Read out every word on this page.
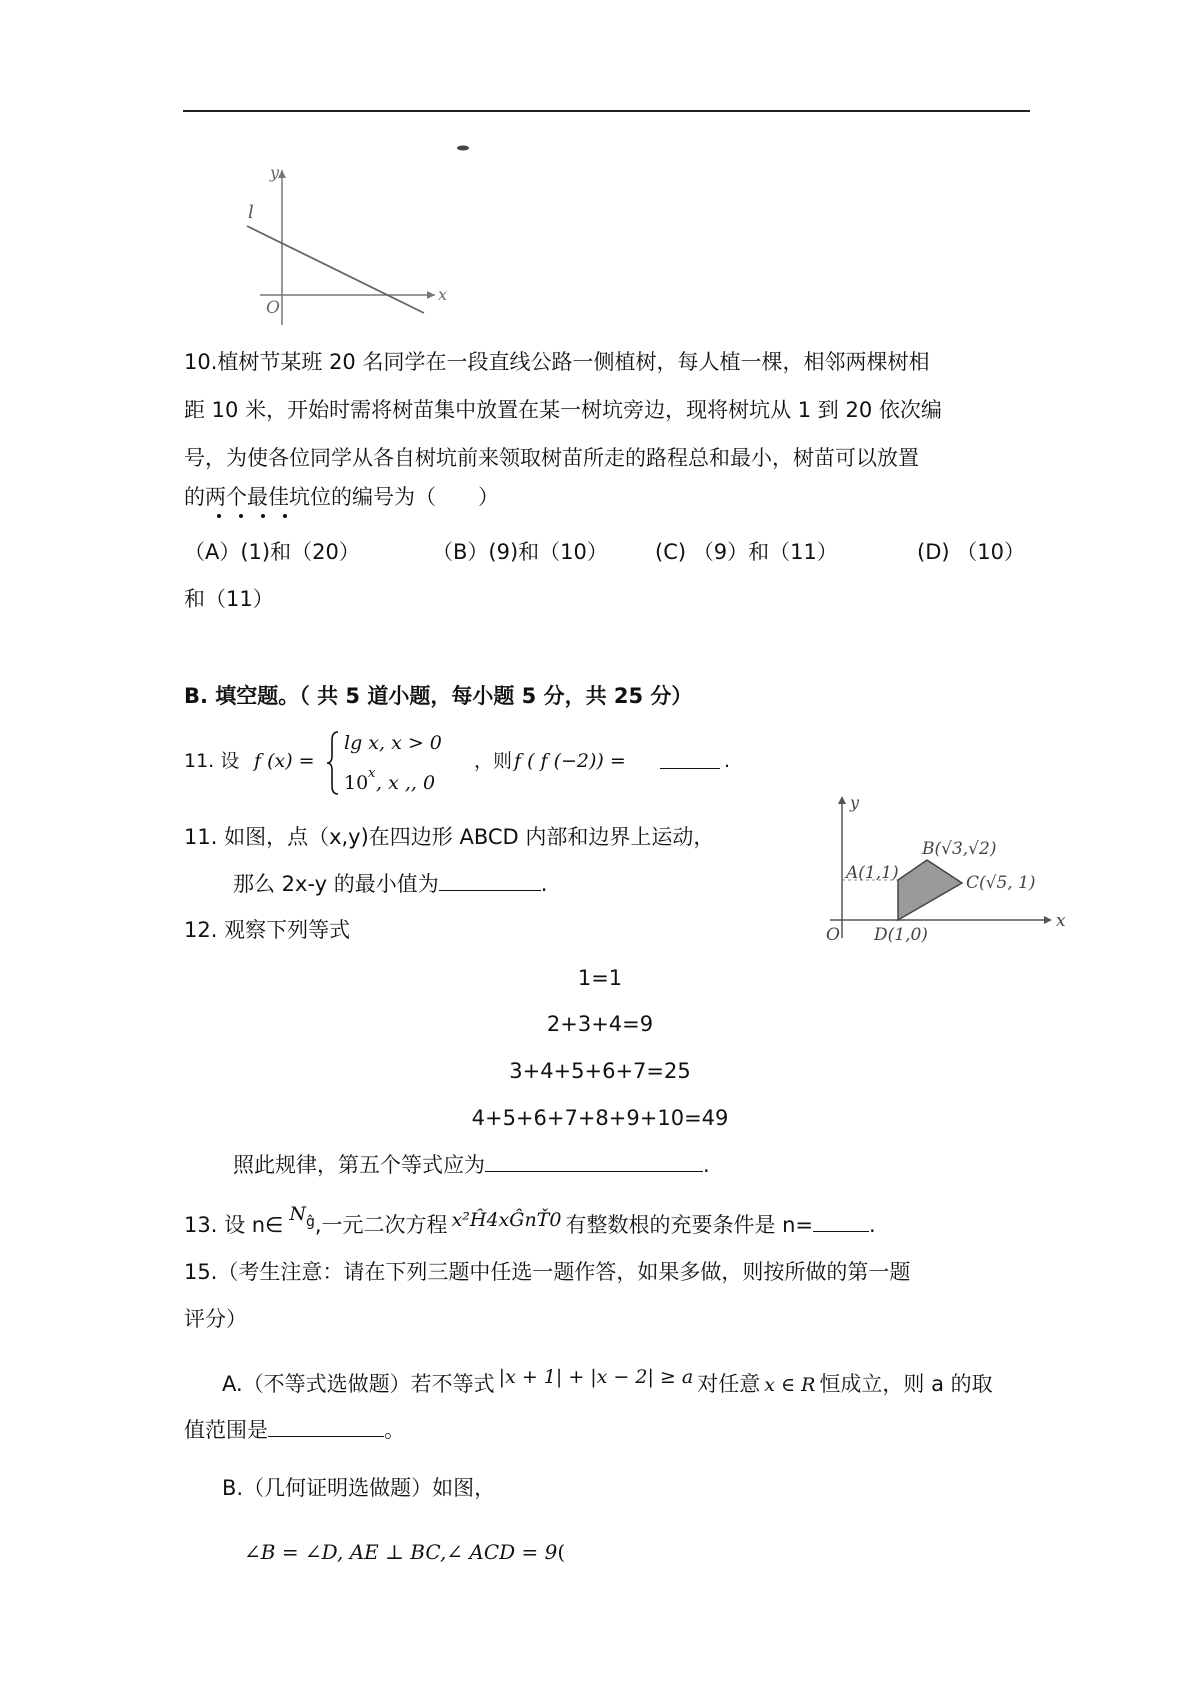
y
x
O
l
10.植树节某班 20 名同学在一段直线公路一侧植树，每人植一棵，相邻两棵树相
距 10 米，开始时需将树苗集中放置在某一树坑旁边，现将树坑从 1 到 20 依次编
号，为使各位同学从各自树坑前来领取树苗所走的路程总和最小，树苗可以放置
的两个最佳坑位的编号为（　　）
（A）(1)和（20）	（B）(9)和（10） (C) （9）和（11）	(D) （10）
和（11）
B. 填空题。（ 共 5 道小题，每小题 5 分，共 25 分）
11. 设 f (x) =
lg x, x > 0
10 x , x ,, 0
，则 f ( f (−2)) =	.
11. 如图，点（x,y)在四边形 ABCD 内部和边界上运动，
那么 2x-y 的最小值为	.
y
x
O
A(1,1)
B(√3,√2)
C(√5, 1)
D(1,0)
12. 观察下列等式
1=1
2+3+4=9
3+4+5+6+7=25
4+5+6+7+8+9+10=49
照此规律，第五个等式应为	.
13. 设 n∈ $N^ĝ$,一元二次方程 x²Ĥ4xĜnŤ0 有整数根的充要条件是 n=	.
15.（考生注意：请在下列三题中任选一题作答，如果多做，则按所做的第一题
评分）
A.（不等式选做题）若不等式 |x + 1| + |x − 2| ≥ a 对任意 x ∈ R 恒成立，则 a 的取
值范围是	。
B.（几何证明选做题）如图，
∠B = ∠D, AE ⊥ BC,∠ ACD = 9(
